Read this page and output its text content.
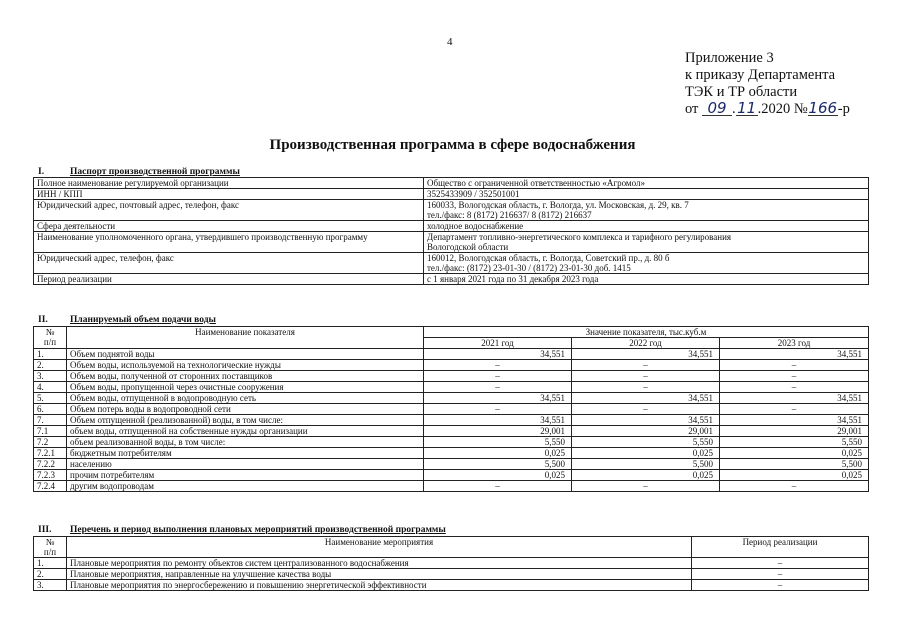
4
Приложение 3
к приказу Департамента
ТЭК и ТР области
от 09 .11.2020 №166-р
Производственная программа в сфере водоснабжения
I.	Паспорт производственной программы
Полное наименование регулируемой организации	Общество с ограниченной ответственностью «Агромол»

ИНН / КПП	3525433909 / 352501001

Юридический адрес, почтовый адрес, телефон, факс	160033, Вологодская область, г. Вологда, ул. Московская, д. 29, кв. 7
тел./факс: 8 (8172) 216637/ 8 (8172) 216637

Сфера деятельности	холодное водоснабжение

Наименование уполномоченного органа, утвердившего производственную программу	Департамент топливно-энергетического комплекса и тарифного регулирования
Вологодской области

Юридический адрес, телефон, факс	160012, Вологодская область, г. Вологда, Советский пр., д. 80 б
тел./факс: (8172) 23-01-30 / (8172) 23-01-30 доб. 1415

Период реализации	с 1 января 2021 года по 31 декабря 2023 года
II. Планируемый объем подачи воды
№
п/п	Наименование показателя	Значение показателя, тыс.куб.м		
		2021 год	2022 год	2023 год
1.	Объем поднятой воды	34,551	34,551	34,551
2.	Объем воды, используемой на технологические нужды	–	–	–
3.	Объем воды, полученной от сторонних поставщиков	–	–	–
4.	Объем воды, пропущенной через очистные сооружения	–	–	–
5.	Объем воды, отпущенной в водопроводную сеть	34,551	34,551	34,551
6.	Объем потерь воды в водопроводной сети	–	–	–
7.	Объем отпущенной (реализованной) воды, в том числе:	34,551	34,551	34,551
7.1	объем воды, отпущенной на собственные нужды организации	29,001	29,001	29,001
7.2	объем реализованной воды, в том числе:	5,550	5,550	5,550
7.2.1	бюджетным потребителям	0,025	0,025	0,025
7.2.2	населению	5,500	5,500	5,500
7.2.3	прочим потребителям	0,025	0,025	0,025
7.2.4	другим водопроводам	–	–	–
III. Перечень и период выполнения плановых мероприятий производственной программы
№
п/п	Наименование мероприятия	Период реализации
1.	Плановые мероприятия по ремонту объектов систем централизованного водоснабжения	–
2.	Плановые мероприятия, направленные на улучшение качества воды	–
3.	Плановые мероприятия по энергосбережению и повышению энергетической эффективности	–
